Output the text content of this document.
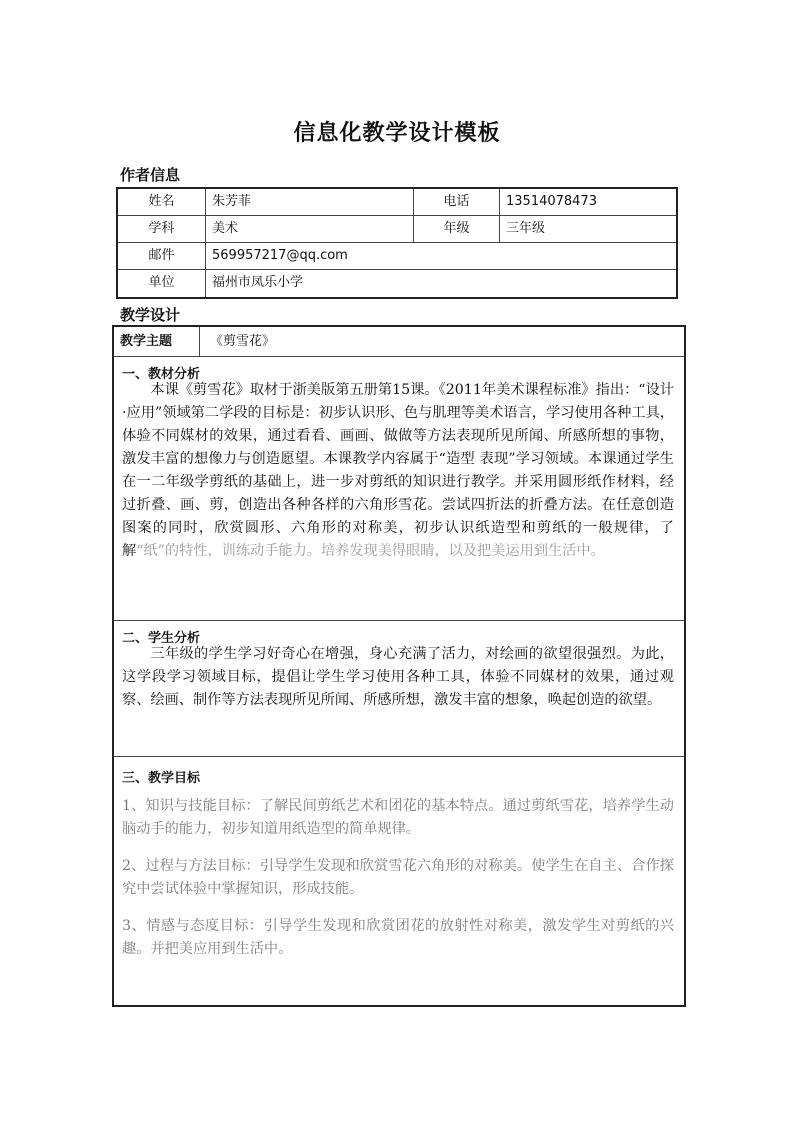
信息化教学设计模板
作者信息
姓名	朱芳菲	电话	13514078473
学科	美术	年级	三年级
邮件	569957217@qq.com
单位	福州市凤乐小学
教学设计
教学主题	《剪雪花》
一、教材分析

本课《剪雪花》取材于浙美版第五册第15课。《2011年美术课程标准》指出：“设计·应用”领域第二学段的目标是：初步认识形、色与肌理等美术语言，学习使用各种工具，体验不同媒材的效果，通过看看、画画、做做等方法表现所见所闻、所感所想的事物，激发丰富的想像力与创造愿望。本课教学内容属于“造型 表现”学习领域。本课通过学生在一二年级学剪纸的基础上，进一步对剪纸的知识进行教学。并采用圆形纸作材料，经过折叠、画、剪，创造出各种各样的六角形雪花。尝试四折法的折叠方法。在任意创造图案的同时，欣赏圆形、六角形的对称美，初步认识纸造型和剪纸的一般规律，了解“纸”的特性，训练动手能力。培养发现美得眼睛，以及把美运用到生活中。

二、学生分析

三年级的学生学习好奇心在增强，身心充满了活力，对绘画的欲望很强烈。为此，这学段学习领域目标，提倡让学生学习使用各种工具，体验不同媒材的效果，通过观察、绘画、制作等方法表现所见所闻、所感所想，激发丰富的想象，唤起创造的欲望。

三、教学目标

1、知识与技能目标：了解民间剪纸艺术和团花的基本特点。通过剪纸雪花，培养学生动脑动手的能力，初步知道用纸造型的简单规律。

2、过程与方法目标：引导学生发现和欣赏雪花六角形的对称美。使学生在自主、合作探究中尝试体验中掌握知识，形成技能。

3、情感与态度目标：引导学生发现和欣赏团花的放射性对称美，激发学生对剪纸的兴趣。并把美应用到生活中。
